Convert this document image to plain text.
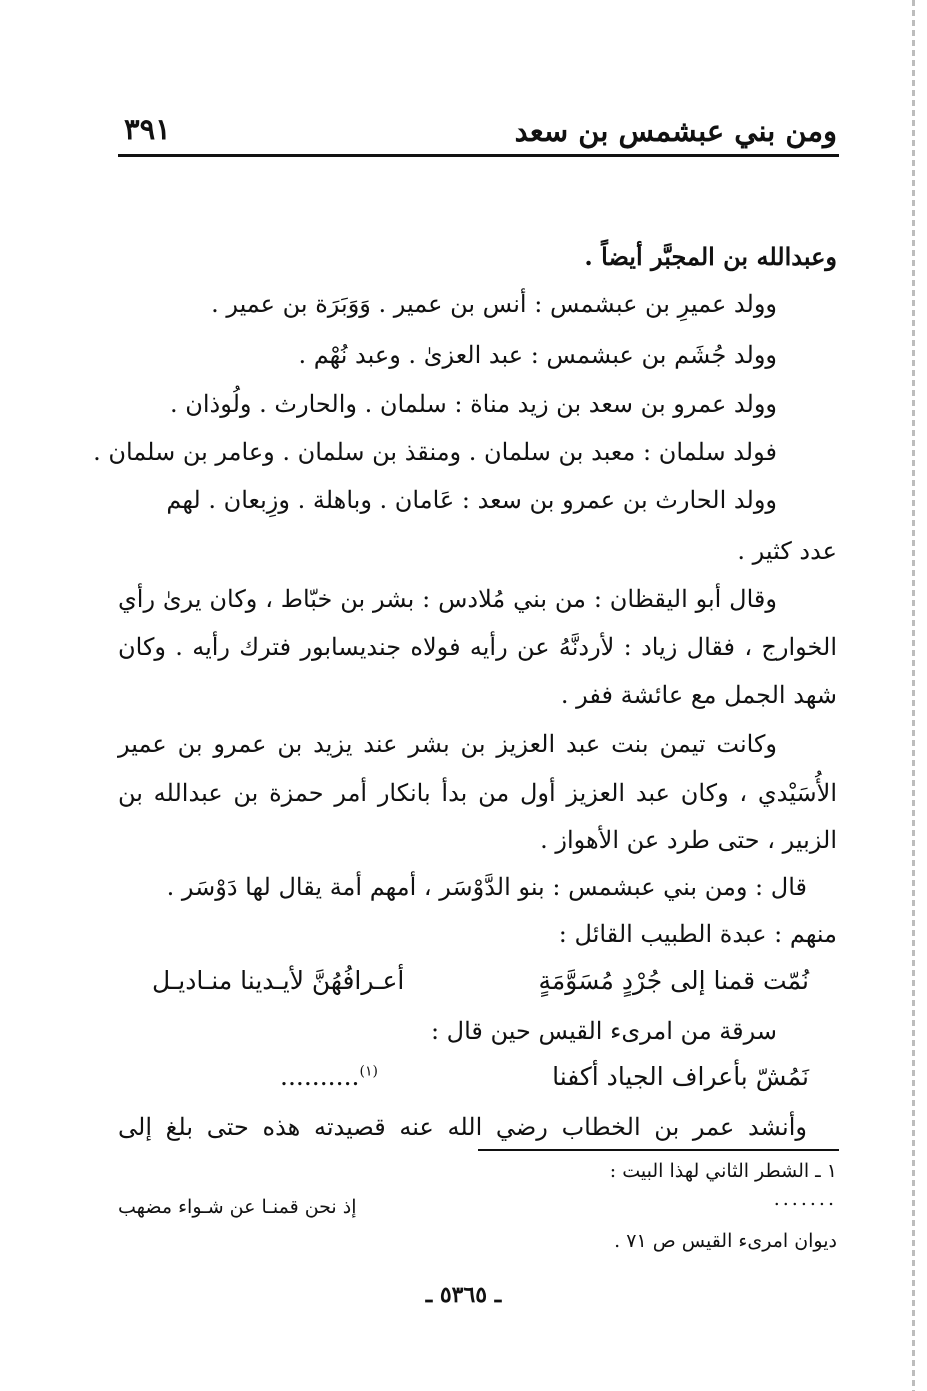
ومن بني عبشمس بن سعد
٣٩١
وعبدالله بن المجبَّر أيضاً .
وولد عميرِ بن عبشمس : أنس بن عمير . وَوَبَرَة بن عمير .
وولد جُشَم بن عبشمس : عبد العزىٰ . وعبد نُهْم .
وولد عمرو بن سعد بن زيد مناة : سلمان . والحارث . ولُوذان .
فولد سلمان : معبد بن سلمان . ومنقذ بن سلمان . وعامر بن سلمان .
وولد الحارث بن عمرو بن سعد : عَامان . وباهلة . وزِبعان . لهم
عدد كثير .
وقال أبو اليقظان : من بني مُلادس : بشر بن خبّاط ، وكان يرىٰ رأي
الخوارج ، فقال زياد : لأردنَّهُ عن رأيه فولاه جنديسابور فترك رأيه . وكان
شهد الجمل مع عائشة ففر .
وكانت تيمن بنت عبد العزيز بن بشر عند يزيد بن عمرو بن عمير
الأُسَيْدي ، وكان عبد العزيز أول من بدأ بانكار أمر حمزة بن عبدالله بن
الزبير ، حتى طرد عن الأهواز .
قال : ومن بني عبشمس : بنو الدَّوْسَر ، أمهم أمة يقال لها دَوْسَر .
منهم : عبدة الطبيب القائل :
نُمّت قمنا إلى جُرْدٍ مُسَوَّمَةٍ
أعـرافُهُنَّ لأيـدينا منـاديـل
سرقة من امرىء القيس حين قال :
نَمُشّ بأعراف الجياد أكفنا
$^{(١)}$..........
وأنشد عمر بن الخطاب رضي الله عنه قصيدته هذه حتى بلغ إلى
١ ـ الشطر الثاني لهذا البيت :
.......
إذ نحن قمنـا عن شـواء مضهب
ديوان امرىء القيس ص ٧١ .
ـ ٥٣٦٥ ـ
